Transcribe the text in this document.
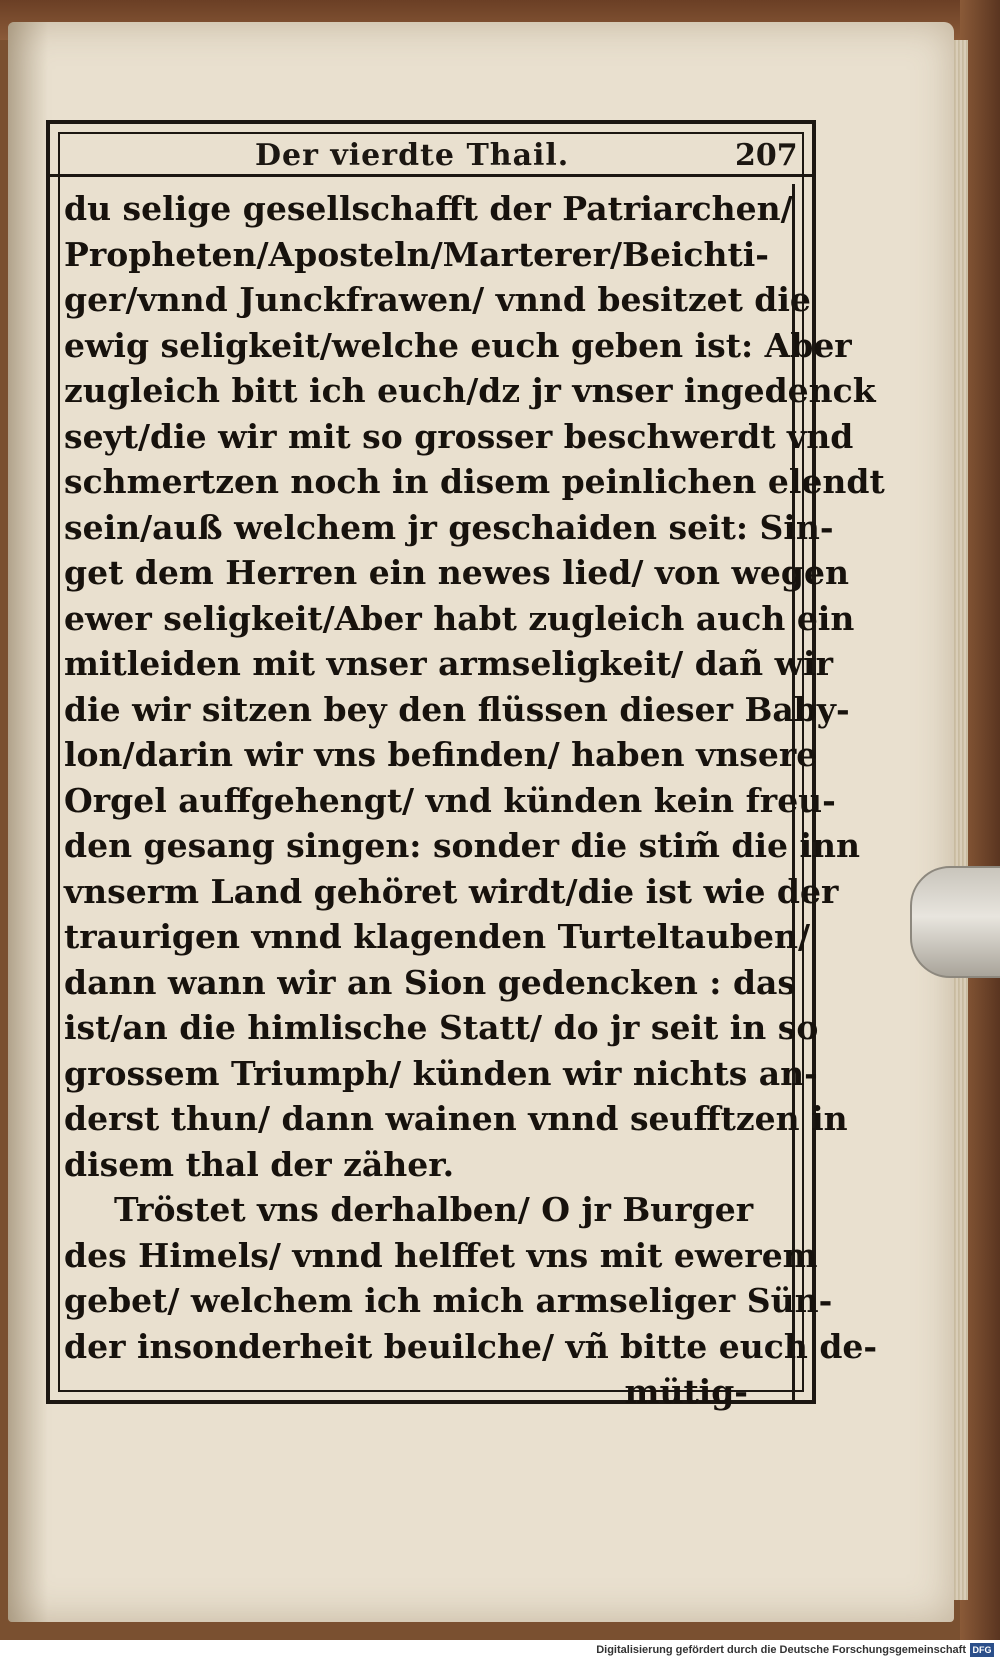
Der vierdte Thail.	207
du selige gesellschafft der Patriarchen/
Propheten/Aposteln/Marterer/Beichti-
ger/vnnd Junckfrawen/ vnnd besitzet die
ewig seligkeit/welche euch geben ist: Aber
zugleich bitt ich euch/dz jr vnser ingedenck
seyt/die wir mit so grosser beschwerdt vnd
schmertzen noch in disem peinlichen elendt
sein/auß welchem jr geschaiden seit: Sin-
get dem Herren ein newes lied/ von wegen
ewer seligkeit/Aber habt zugleich auch ein
mitleiden mit vnser armseligkeit/ dañ wir
die wir sitzen bey den flüssen dieser Baby-
lon/darin wir vns befinden/ haben vnsere
Orgel auffgehengt/ vnd künden kein freu-
den gesang singen: sonder die stim̃ die inn
vnserm Land gehöret wirdt/die ist wie der
traurigen vnnd klagenden Turteltauben/
dann wann wir an Sion gedencken : das
ist/an die himlische Statt/ do jr seit in so
grossem Triumph/ künden wir nichts an-
derst thun/ dann wainen vnnd seufftzen in
disem thal der zäher.
Tröstet vns derhalben/ O jr Burger
des Himels/ vnnd helffet vns mit ewerem
gebet/ welchem ich mich armseliger Sün-
der insonderheit beuilche/ vñ bitte euch de-
mütig-
Digitalisierung gefördert durch die Deutsche Forschungsgemeinschaft DFG
